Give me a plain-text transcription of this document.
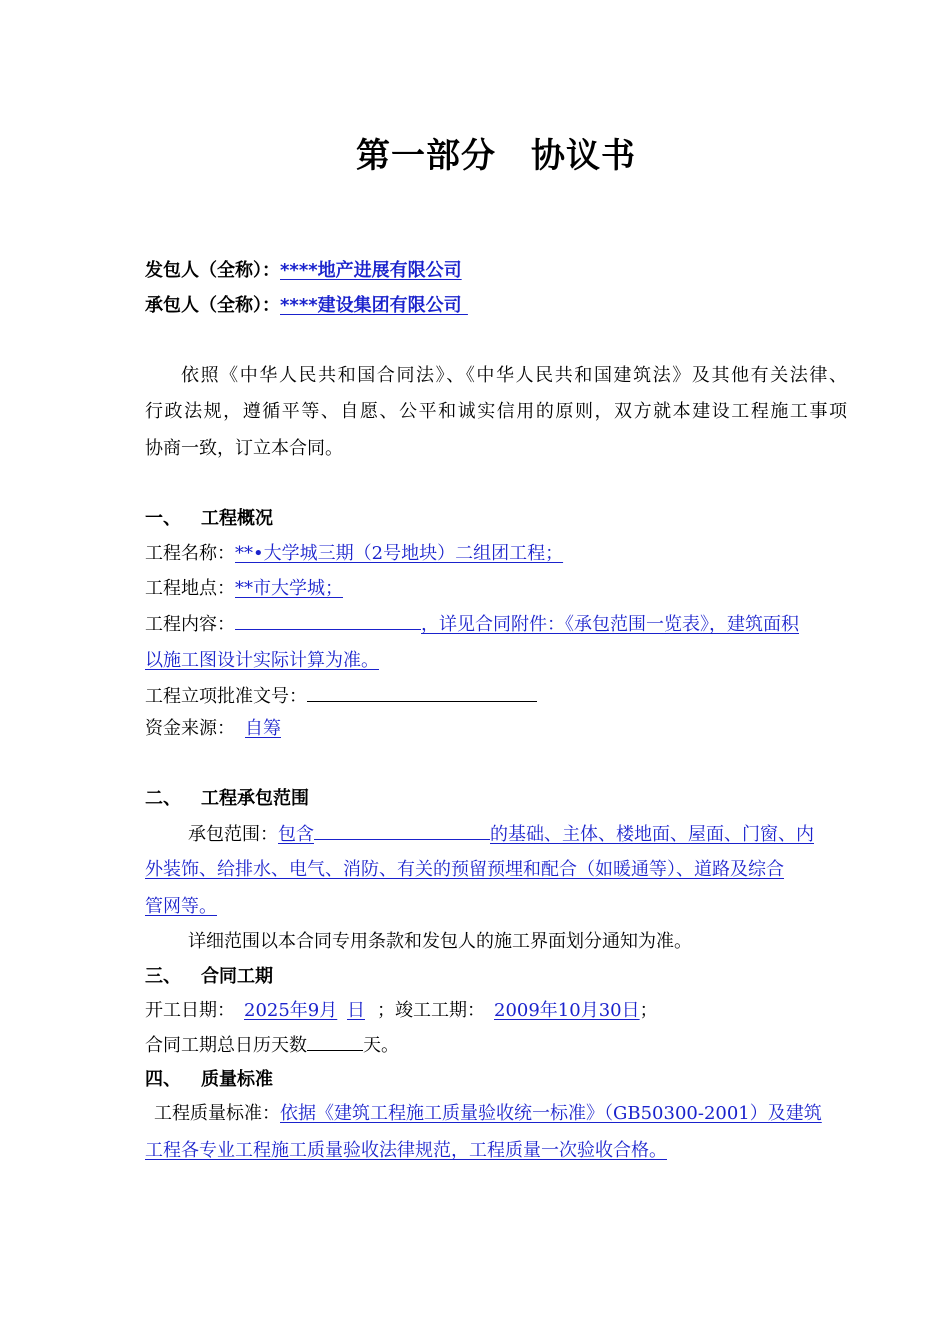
第一部分　协议书
发包人（全称）：****地产进展有限公司
承包人（全称）：****建设集团有限公司
依照《中华人民共和国合同法》、《中华人民共和国建筑法》及其他有关法律、
行政法规，遵循平等、自愿、公平和诚实信用的原则，双方就本建设工程施工事项
协商一致，订立本合同。
一、 工程概况
工程名称：**•大学城三期（2号地块）二组团工程；
工程地点：**市大学城；
工程内容：	，详见合同附件：《承包范围一览表》，建筑面积
以施工图设计实际计算为准。
工程立项批准文号：
资金来源： 自筹
二、 工程承包范围
承包范围：包含	的基础、主体、楼地面、屋面、门窗、内
外装饰、给排水、电气、消防、有关的预留预埋和配合（如暖通等）、道路及综合
管网等。
详细范围以本合同专用条款和发包人的施工界面划分通知为准。
三、 合同工期
开工日期： 2025年9月 日 ；竣工工期： 2009年10月30日；
合同工期总日历天数	天。
四、 质量标准
工程质量标准：依据《建筑工程施工质量验收统一标准》（GB50300-2001）及建筑
工程各专业工程施工质量验收法律规范，工程质量一次验收合格。
